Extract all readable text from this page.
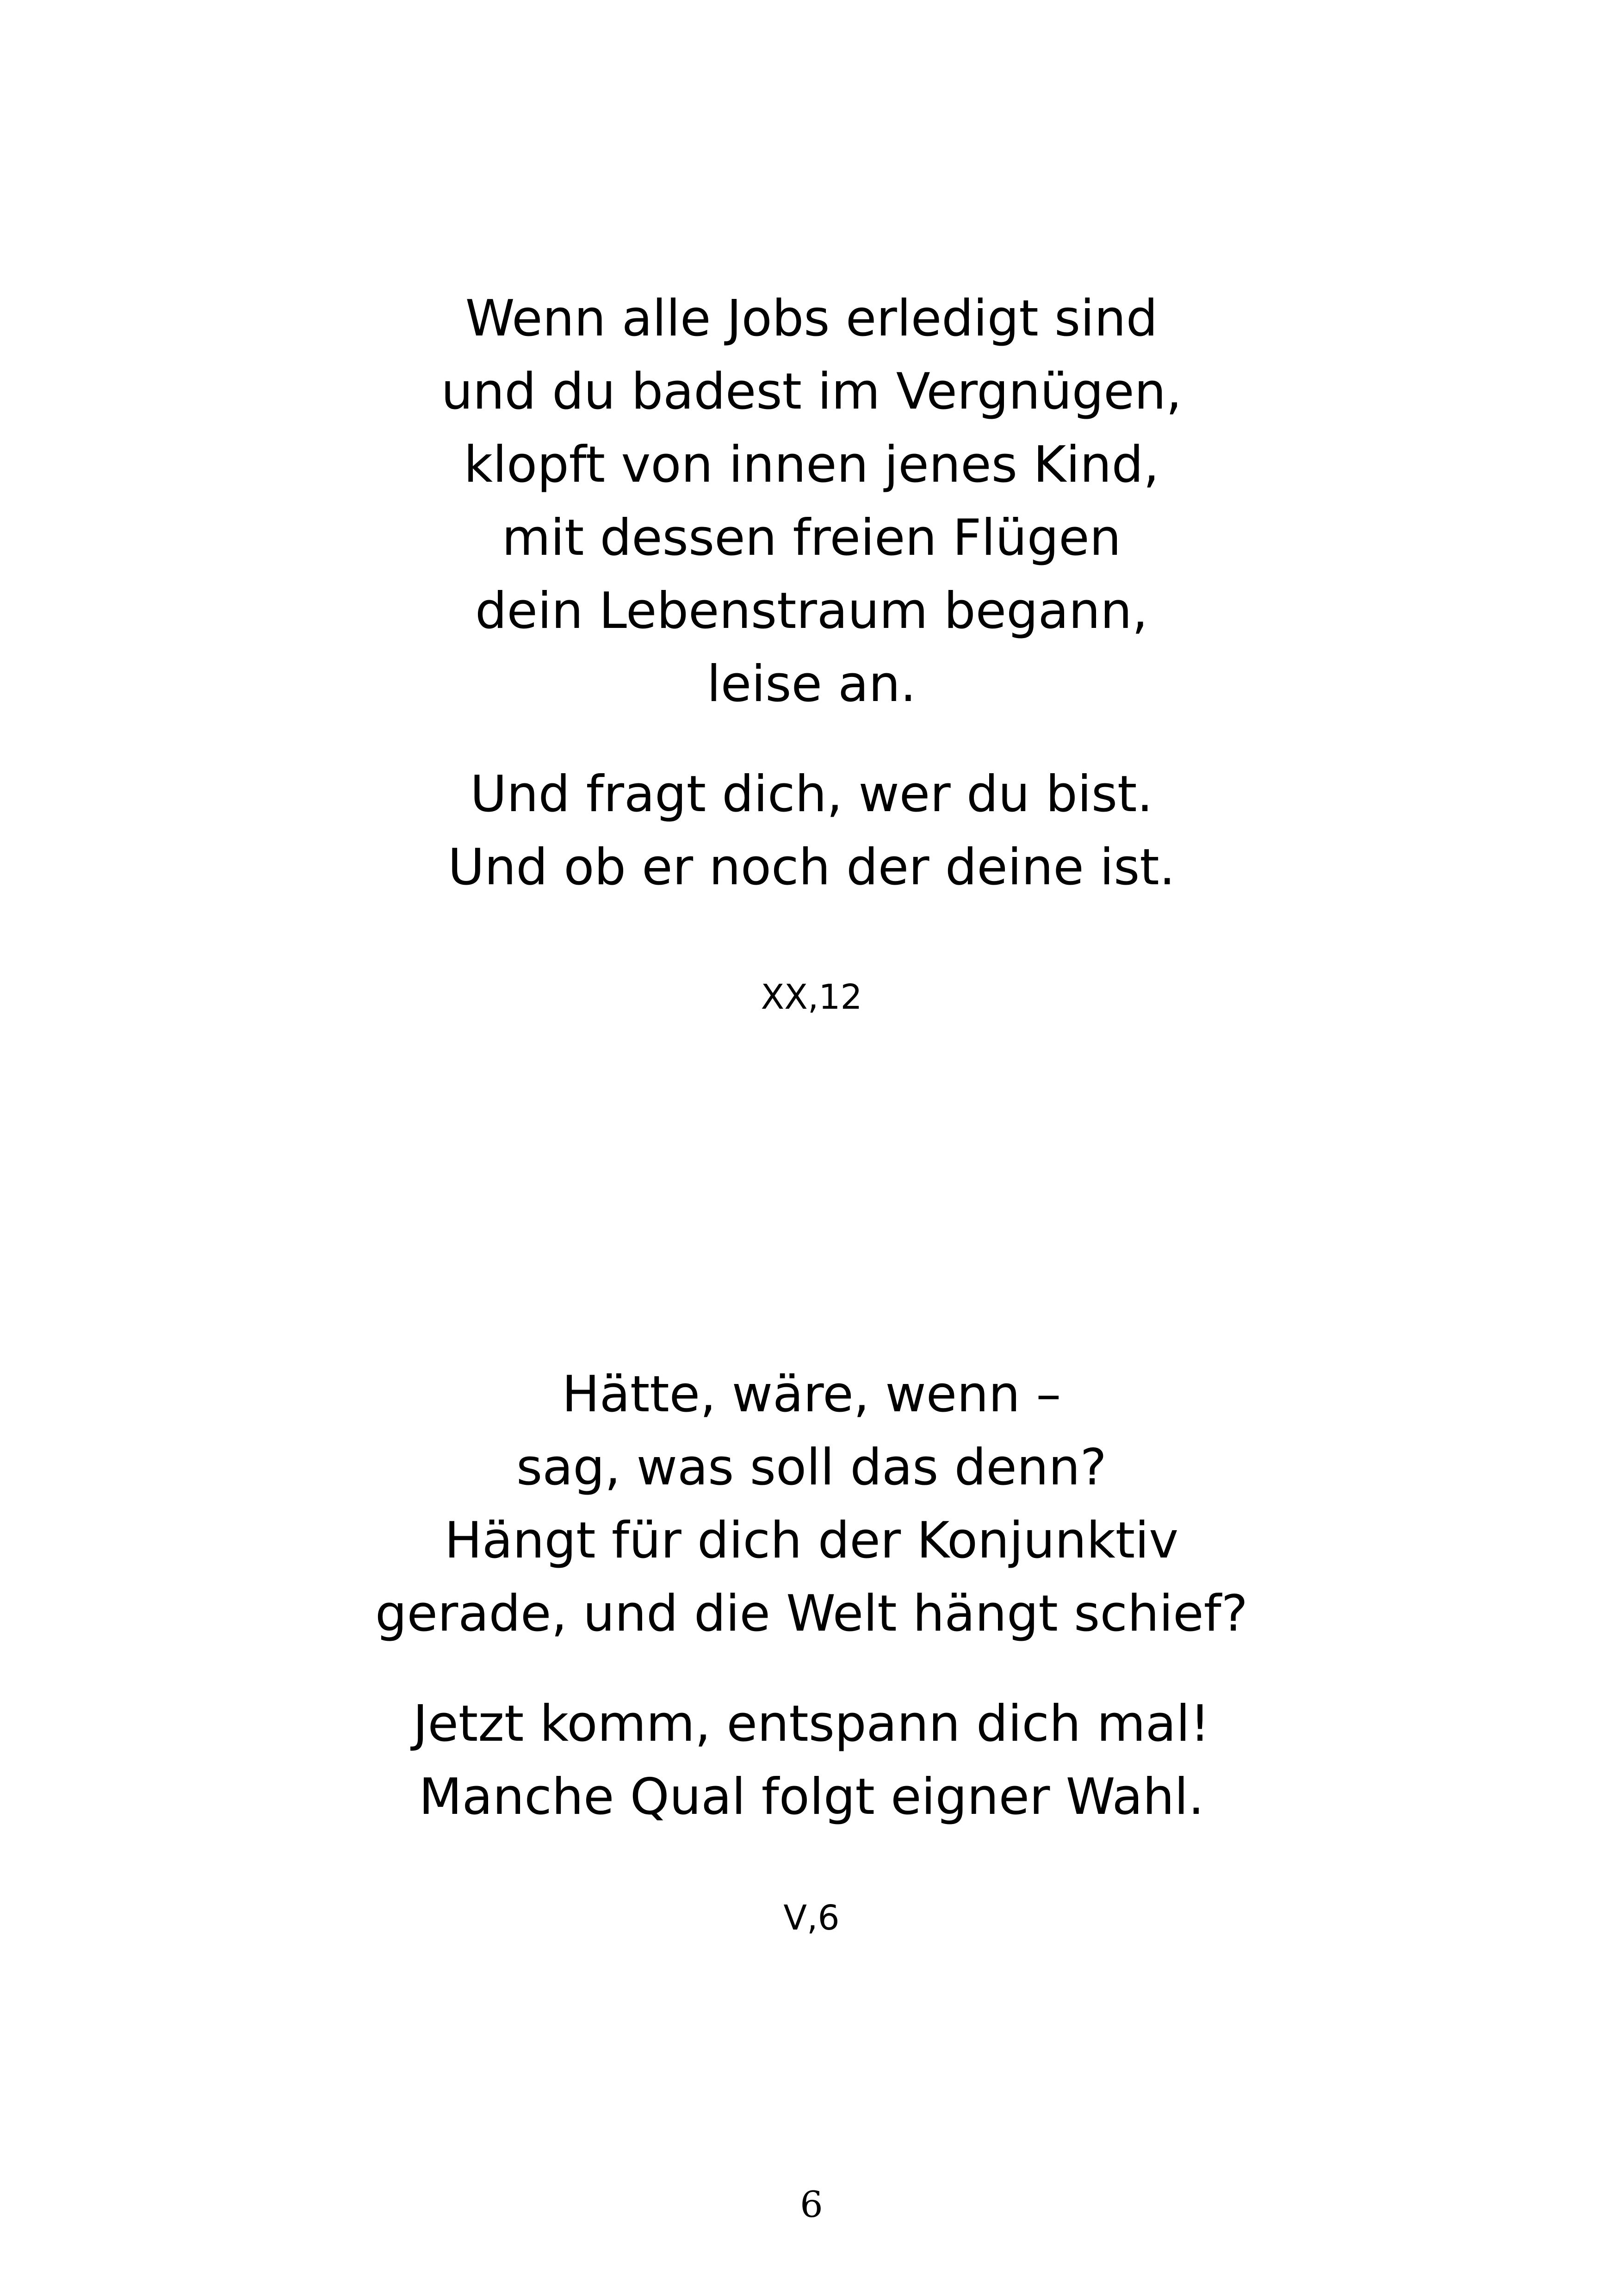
Wenn alle Jobs erledigt sind
und du badest im Vergnügen,
klopft von innen jenes Kind,
mit dessen freien Flügen
dein Lebenstraum begann,
leise an.
Und fragt dich, wer du bist.
Und ob er noch der deine ist.
XX,12
Hätte, wäre, wenn –
sag, was soll das denn?
Hängt für dich der Konjunktiv
gerade, und die Welt hängt schief?
Jetzt komm, entspann dich mal!
Manche Qual folgt eigner Wahl.
V,6
6
